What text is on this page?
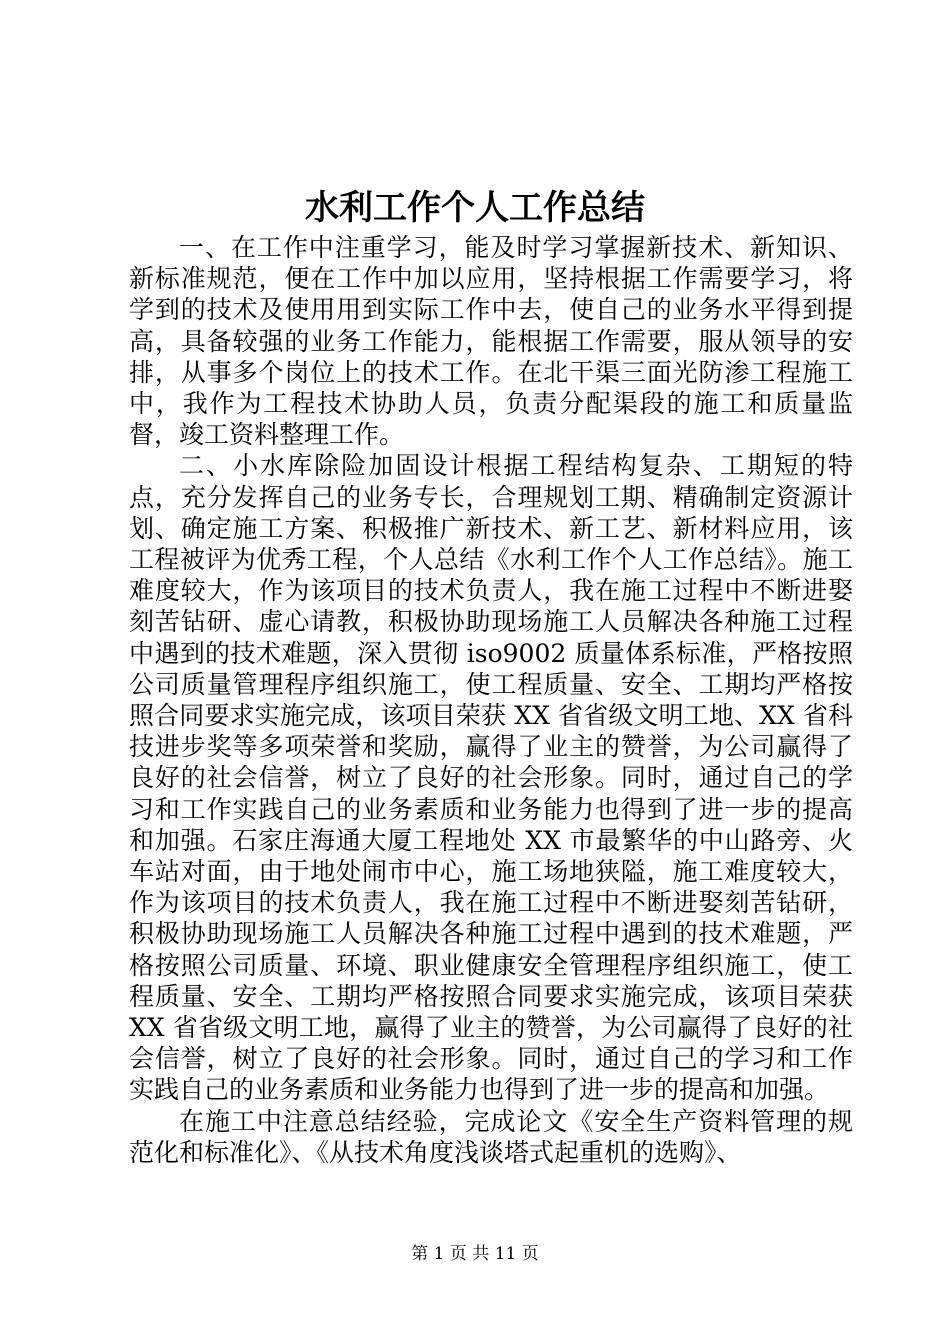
水利工作个人工作总结

一、在工作中注重学习，能及时学习掌握新技术、新知识、新标准规范，便在工作中加以应用，坚持根据工作需要学习，将学到的技术及使用用到实际工作中去，使自己的业务水平得到提高，具备较强的业务工作能力，能根据工作需要，服从领导的安排，从事多个岗位上的技术工作。在北干渠三面光防渗工程施工中，我作为工程技术协助人员，负责分配渠段的施工和质量监督，竣工资料整理工作。

二、小水库除险加固设计根据工程结构复杂、工期短的特点，充分发挥自己的业务专长，合理规划工期、精确制定资源计划、确定施工方案、积极推广新技术、新工艺、新材料应用，该工程被评为优秀工程，个人总结《水利工作个人工作总结》。施工难度较大，作为该项目的技术负责人，我在施工过程中不断进娶刻苦钻研、虚心请教，积极协助现场施工人员解决各种施工过程中遇到的技术难题，深入贯彻 iso9002 质量体系标准，严格按照公司质量管理程序组织施工，使工程质量、安全、工期均严格按照合同要求实施完成，该项目荣获 XX 省省级文明工地、XX 省科技进步奖等多项荣誉和奖励，赢得了业主的赞誉，为公司赢得了良好的社会信誉，树立了良好的社会形象。同时，通过自己的学习和工作实践自己的业务素质和业务能力也得到了进一步的提高和加强。石家庄海通大厦工程地处 XX 市最繁华的中山路旁、火车站对面，由于地处闹市中心，施工场地狭隘，施工难度较大，作为该项目的技术负责人，我在施工过程中不断进娶刻苦钻研，积极协助现场施工人员解决各种施工过程中遇到的技术难题，严格按照公司质量、环境、职业健康安全管理程序组织施工，使工程质量、安全、工期均严格按照合同要求实施完成，该项目荣获 XX 省省级文明工地，赢得了业主的赞誉，为公司赢得了良好的社会信誉，树立了良好的社会形象。同时，通过自己的学习和工作实践自己的业务素质和业务能力也得到了进一步的提高和加强。

在施工中注意总结经验，完成论文《安全生产资料管理的规范化和标准化》、《从技术角度浅谈塔式起重机的选购》、

第 1 页 共 11 页
